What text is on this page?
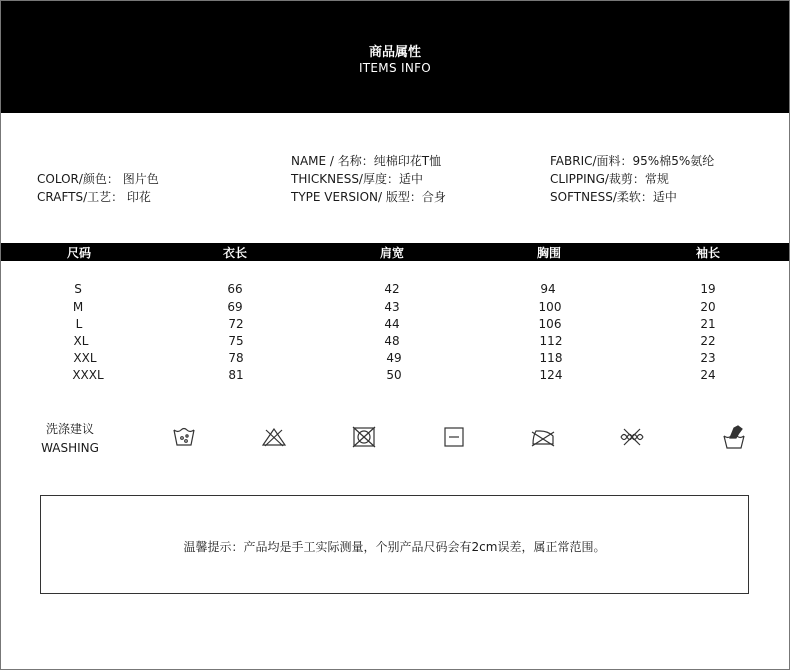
商品属性
ITEMS INFO
COLOR/颜色： 图片色
CRAFTS/工艺： 印花
NAME / 名称：纯棉印花T恤
THICKNESS/厚度：适中
TYPE VERSION/ 版型：合身
FABRIC/面料：95%棉5%氨纶
CLIPPING/裁剪：常规
SOFTNESS/柔软：适中
尺码	衣长	肩宽	胸围	袖长
S	66	42	94	19
M	69	43	100	20
L	72	44	106	21
XL	75	48	112	22
XXL	78	49	118	23
XXXL	81	50	124	24
洗涤建议
WASHING
温馨提示：产品均是手工实际测量，个别产品尺码会有2cm误差，属正常范围。
